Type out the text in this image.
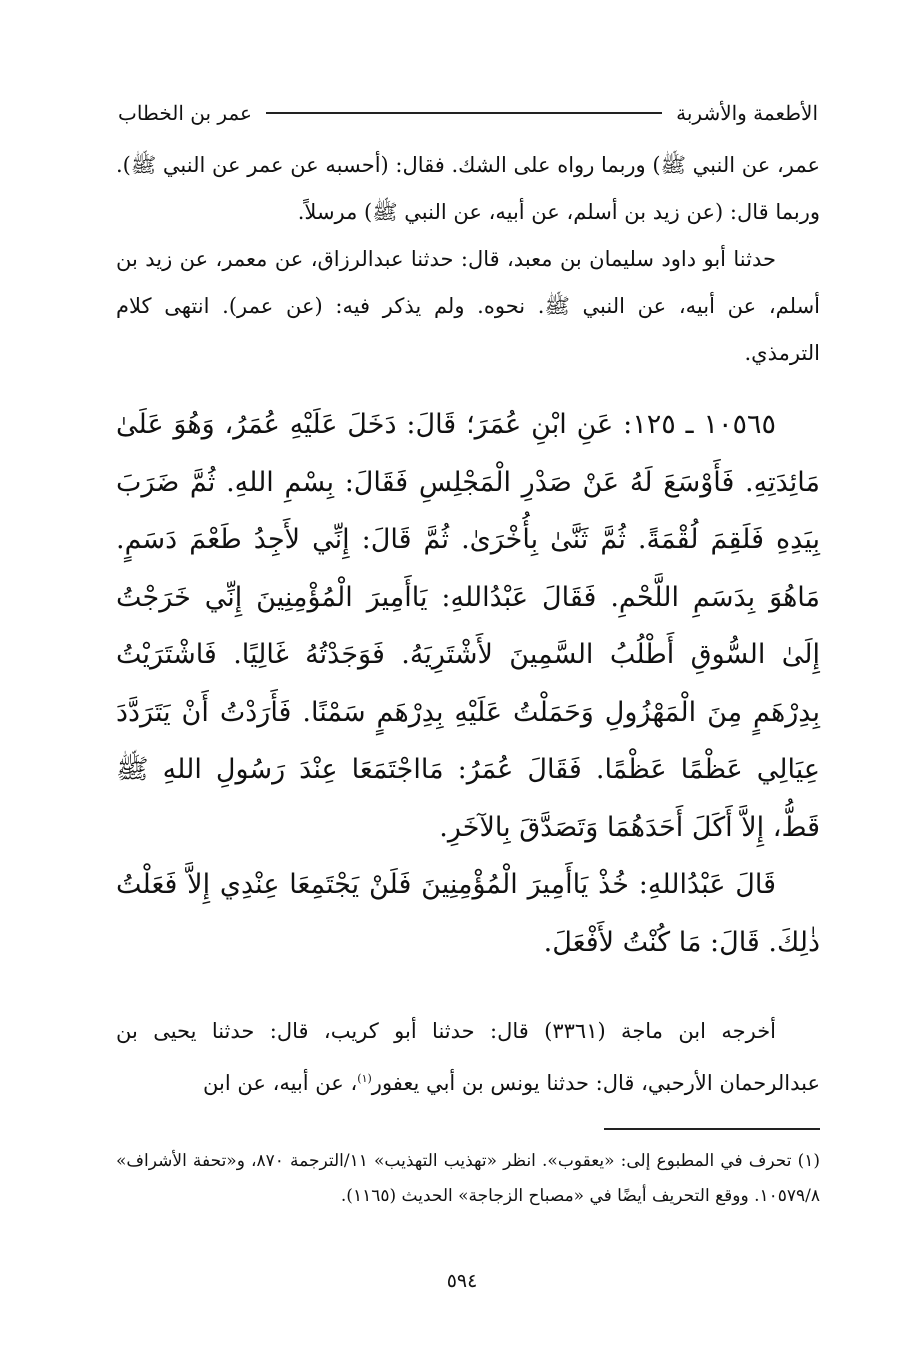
الأطعمة والأشربة
عمر بن الخطاب

عمر، عن النبي ﷺ) وربما رواه على الشك. فقال: (أحسبه عن عمر عن النبي ﷺ). وربما قال: (عن زيد بن أسلم، عن أبيه، عن النبي ﷺ) مرسلاً.

حدثنا أبو داود سليمان بن معبد، قال: حدثنا عبدالرزاق، عن معمر، عن زيد بن أسلم، عن أبيه، عن النبي ﷺ. نحوه. ولم يذكر فيه: (عن عمر). انتهى كلام الترمذي.

١٠٥٦٥ ـ ١٢٥: عَنِ ابْنِ عُمَرَ؛ قَالَ: دَخَلَ عَلَيْهِ عُمَرُ، وَهُوَ عَلَىٰ مَائِدَتِهِ. فَأَوْسَعَ لَهُ عَنْ صَدْرِ الْمَجْلِسِ فَقَالَ: بِسْمِ اللهِ. ثُمَّ ضَرَبَ بِيَدِهِ فَلَقِمَ لُقْمَةً. ثُمَّ ثَنَّىٰ بِأُخْرَىٰ. ثُمَّ قَالَ: إِنِّي لأَجِدُ طَعْمَ دَسَمٍ. مَاهُوَ بِدَسَمِ اللَّحْمِ. فَقَالَ عَبْدُاللهِ: يَاأَمِيرَ الْمُؤْمِنِينَ إِنِّي خَرَجْتُ إِلَىٰ السُّوقِ أَطْلُبُ السَّمِينَ لأَشْتَرِيَهُ. فَوَجَدْتُهُ غَالِيًا. فَاشْتَرَيْتُ بِدِرْهَمٍ مِنَ الْمَهْزُولِ وَحَمَلْتُ عَلَيْهِ بِدِرْهَمٍ سَمْنًا. فَأَرَدْتُ أَنْ يَتَرَدَّدَ عِيَالِي عَظْمًا عَظْمًا. فَقَالَ عُمَرُ: مَااجْتَمَعَا عِنْدَ رَسُولِ اللهِ ﷺ قَطُّ، إِلاَّ أَكَلَ أَحَدَهُمَا وَتَصَدَّقَ بِالآخَرِ.

قَالَ عَبْدُاللهِ: خُذْ يَاأَمِيرَ الْمُؤْمِنِينَ فَلَنْ يَجْتَمِعَا عِنْدِي إِلاَّ فَعَلْتُ ذٰلِكَ. قَالَ: مَا كُنْتُ لأَفْعَلَ.

أخرجه ابن ماجة (٣٣٦١) قال: حدثنا أبو كريب، قال: حدثنا يحيى بن عبدالرحمان الأرحبي، قال: حدثنا يونس بن أبي يعفور$^{(١)}$، عن أبيه، عن ابن

(١) تحرف في المطبوع إلى: «يعقوب». انظر «تهذيب التهذيب» ١١/الترجمة ٨٧٠، و«تحفة الأشراف» ١٠٥٧٩/٨. ووقع التحريف أيضًا في «مصباح الزجاجة» الحديث (١١٦٥).

٥٩٤
